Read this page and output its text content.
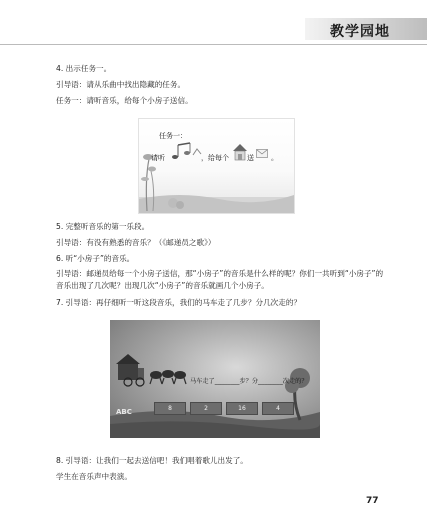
教学园地
4. 出示任务一。
引导语：请从乐曲中找出隐藏的任务。
任务一：请听音乐，给每个小房子送信。
任务一：
请听	，给每个	送 。
5. 完整听音乐的第一乐段。
引导语：有没有熟悉的音乐？（《邮递员之歌》）
6. 听“小房子”的音乐。
引导语：邮递员给每一个小房子送信，那“小房子”的音乐是什么样的呢？你们一共听到“小房子”的音乐出现了几次呢？出现几次“小房子”的音乐就画几个小房子。
7. 引导语：再仔细听一听这段音乐，我们的马车走了几步？分几次走的？
马车走了________步？分________次走的？
8	2	16	4
ABC
8. 引导语：让我们一起去送信吧！我们唱着歌儿出发了。
学生在音乐声中表演。
77
